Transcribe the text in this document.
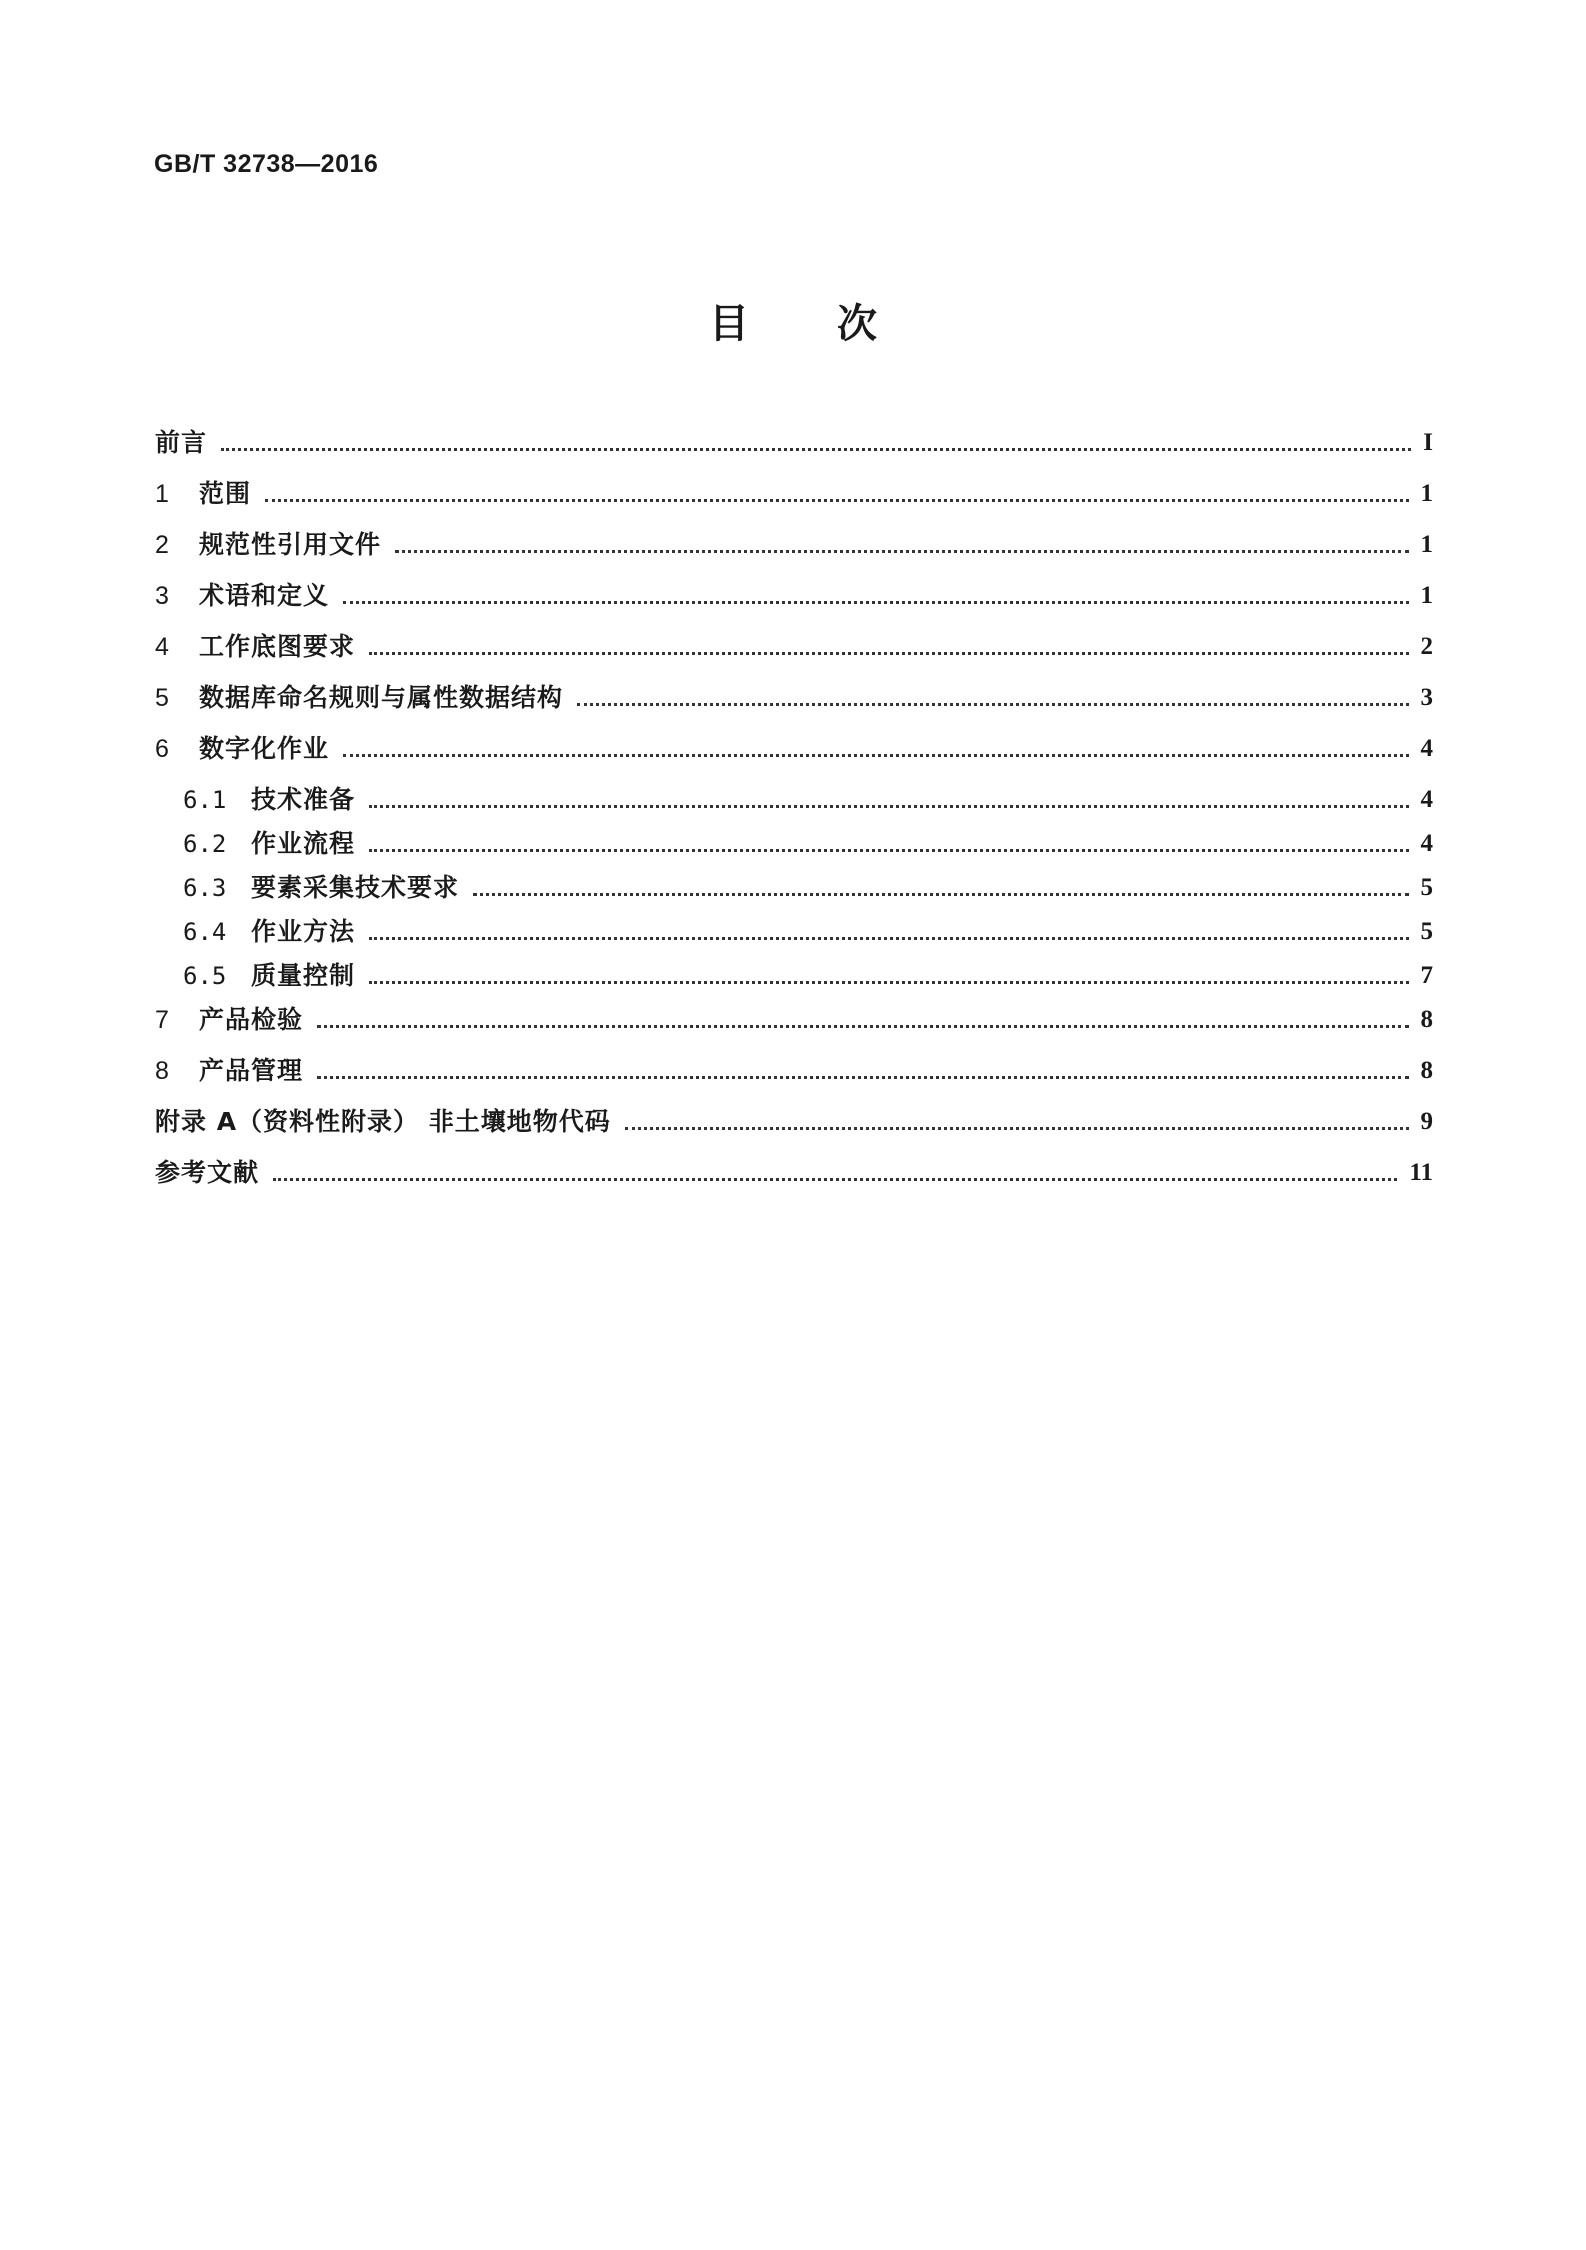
GB/T 32738—2016
目次
前言	I
1	范围	1
2	规范性引用文件	1
3	术语和定义	1
4	工作底图要求	2
5	数据库命名规则与属性数据结构	3
6	数字化作业	4
6.1 技术准备	4
6.2 作业流程	4
6.3 要素采集技术要求	5
6.4 作业方法	5
6.5 质量控制	7
7	产品检验	8
8	产品管理	8
附录 A（资料性附录） 非土壤地物代码	9
参考文献	11
